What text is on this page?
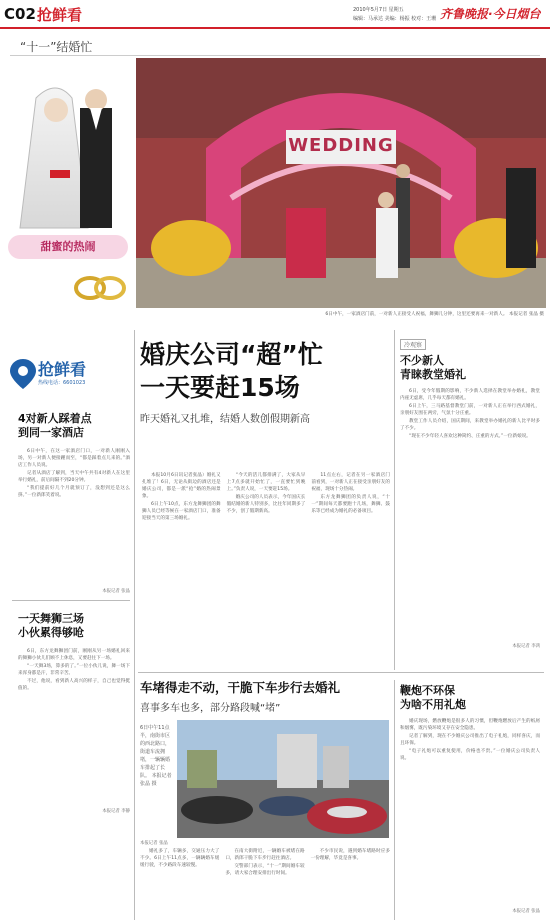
C02 抢鲜看	2010年5月7日 星期五
编辑：马承达 美编：杨振 校对：王珊 齐鲁晚报·今日烟台
“十一”结婚忙
甜蜜的热闹
WEDDING
6日中午，一家酒店门前，一对新人正接受人祝福，舞狮儿分钟，这里还要再来一对新人。 本报记者 张晶 摄
抢鲜看
热线电话：6601023
4对新人踩着点
到同一家酒店

6日中午，在这一家酒店门口，一对新人刚刚入场，另一对新人便接踵而至，“都是踩着点儿来的。”酒店工作人员说。

记者从酒店了解到，当天中午共有4对新人在这里举行婚礼，前后间隔不到20分钟。

“我们提前好几个月就预订了，没想到还是这么挤。”一位新郎笑着说。

本报记者 张晶
一天舞狮三场
小伙累得够呛

6日，东方龙舞狮团门前，刚刚从另一场婚礼回来的舞狮小伙儿们顾不上休息，又要赶往下一场。

“一天舞3场，算多的了。”一位小伙儿说，舞一场下来浑身都是汗，非常辛苦。

不过，他说，看到新人高兴的样子，自己也觉得挺值的。

本报记者 李静
婚庆公司“超”忙
一天要赶15场
昨天婚礼又扎堆，结婚人数创假期新高

本报10月6日讯记者张晶）婚礼又扎堆了！6日，无论从街边的酒店还是婚庆公司，都是一派“抢”婚的热闹景象。

6日上午10点，东方龙舞狮团的舞狮人员已经等候在一家酒店门口，准备迎接当天的第三场婚礼。

“今天的活儿都排满了，大家从早上7点多就开始忙了，一直要忙到晚上。”负责人说，一天要赶15场。

婚庆公司的人员表示，今年国庆长假结婚的新人特别多，比往年同期多了不少，创了假期新高。

11点左右，记者在另一家酒店门前看到，一对新人正在接受亲朋好友的祝福，现场十分热闹。

东方龙舞狮团的负责人说，“十一”期间每天都要跑十几场，舞狮、鼓乐等已经成为婚礼的必备项目。

冷观察
不少新人
青睐教堂婚礼

6日，受今年假期的影响，不少新人选择在教堂举办婚礼，教堂内座无虚席，几乎每天都有婚礼。

6日上午，三马路基督教堂门前，一对新人正在举行西式婚礼，亲朋好友围在两旁，气氛十分庄重。

教堂工作人员介绍，国庆期间，来教堂举办婚礼的新人比平时多了不少。

“现在不少年轻人喜欢这种简约、庄重的方式。”一位新娘说。

本报记者 李鸿
车堵得走不动，干脆下车步行去婚礼
喜事多车也多，部分路段喊“堵”
6日中午11点半，南街市区的西北路口，街道车流拥堵，一辆辆婚车排起了长队。 本报记者 张晶 摄

婚礼多了，车辆多，交通压力大了不少。6日上午11点多，一辆辆婚车缓缓行驶，不少路段车速较慢。

在南大街附近，一辆婚车被堵在路口，新郎干脆下车步行赶往酒店。

交警部门表示，“十一”期间婚车较多，请大家合理安排出行时间。

不少市民说，遇到婚车堵路时应多一份理解，毕竟是喜事。

本报记者 张晶
鞭炮不环保
为啥不用礼炮

婚庆现场，燃放鞭炮是很多人的习惯，但鞭炮燃放后产生的纸屑和烟雾，既污染环境又存在安全隐患。

记者了解到，现在不少婚庆公司推出了电子礼炮，同样喜庆，而且环保。

“电子礼炮可以重复使用，价格也不贵。”一位婚庆公司负责人说。

本报记者 张晶
